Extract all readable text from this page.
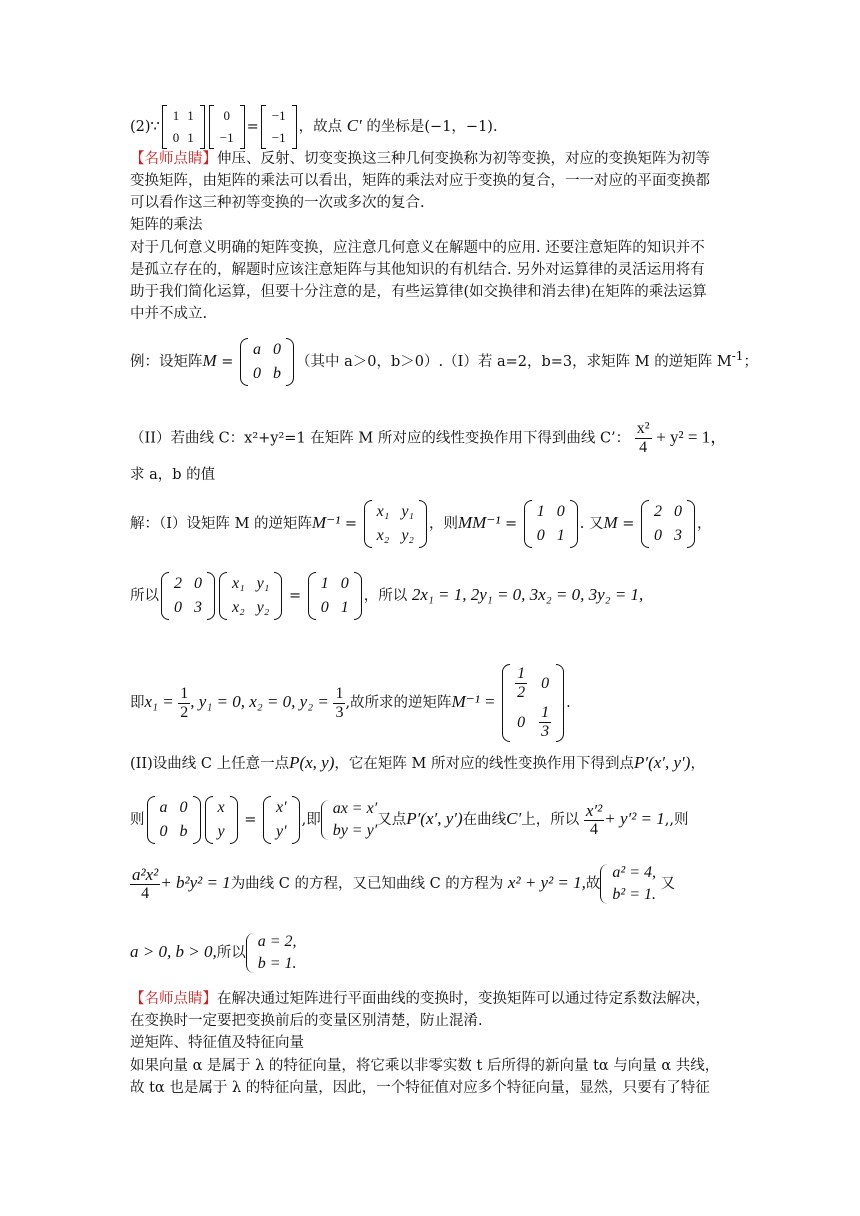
(2)∵
1	1
0	1
0
−1
=
−1
−1
，故点 C′ 的坐标是(−1，−1).
【名师点睛】伸压、反射、切变变换这三种几何变换称为初等变换，对应的变换矩阵为初等
变换矩阵，由矩阵的乘法可以看出，矩阵的乘法对应于变换的复合，一一对应的平面变换都
可以看作这三种初等变换的一次或多次的复合.
矩阵的乘法
对于几何意义明确的矩阵变换，应注意几何意义在解题中的应用. 还要注意矩阵的知识并不
是孤立存在的，解题时应该注意矩阵与其他知识的有机结合. 另外对运算律的灵活运用将有
助于我们简化运算，但要十分注意的是，有些运算律(如交换律和消去律)在矩阵的乘法运算
中并不成立.
例：设矩阵M =
a	0
0	b
（其中 a＞0，b＞0）.（I）若 a=2，b=3，求矩阵 M 的逆矩阵 $M^{-1}$；
（II）若曲线 C：x²+y²=1 在矩阵 M 所对应的线性变换作用下得到曲线 C’： $\frac{\text{x²}}{4} + y^2 = 1$，
求 a，b 的值
解：（I）设矩阵 M 的逆矩阵M⁻¹ =
x₁	y₁
x₂	y₂
，则MM⁻¹ =
1	0
0	1
. 又M =
2	0
0	3
，
所以
2	0
0	3
x₁	y₁
x₂	y₂
=
1	0
0	1
，所以 2x₁ = 1, 2y₁ = 0, 3x₂ = 0, 3y₂ = 1,
即$x_1 = \frac{1}{2}$ , y₁ = 0, x₂ = 0, $y_2 = \frac{1}{3}$ ,故所求的逆矩阵$M^{-1} = \frac{1}{2}$	0
0	$\frac{1}{3}$
.
(II)设曲线 C 上任意一点P(x, y)，它在矩阵 M 所对应的线性变换作用下得到点P′(x′, y′)，
则
a	0
0	b
x
y
=
x′
y′
,即
ax = x′
by = y′
又点P′(x′, y′)在曲线C′上，所以 $\frac{\text{x′²}}{4} + y'^2 = 1$,,则
$\frac{\text{a²x²}}{4} + b^2y^2 = 1$为曲线 C 的方程，又已知曲线 C 的方程为 x² + y² = 1,故
a² = 4,
b² = 1.
又
a > 0, b > 0,所以
a = 2,
b = 1.
【名师点睛】在解决通过矩阵进行平面曲线的变换时，变换矩阵可以通过待定系数法解决，
在变换时一定要把变换前后的变量区别清楚，防止混淆.
逆矩阵、特征值及特征向量
如果向量 α 是属于 λ 的特征向量，将它乘以非零实数 t 后所得的新向量 tα 与向量 α 共线，
故 tα 也是属于 λ 的特征向量，因此，一个特征值对应多个特征向量，显然，只要有了特征
